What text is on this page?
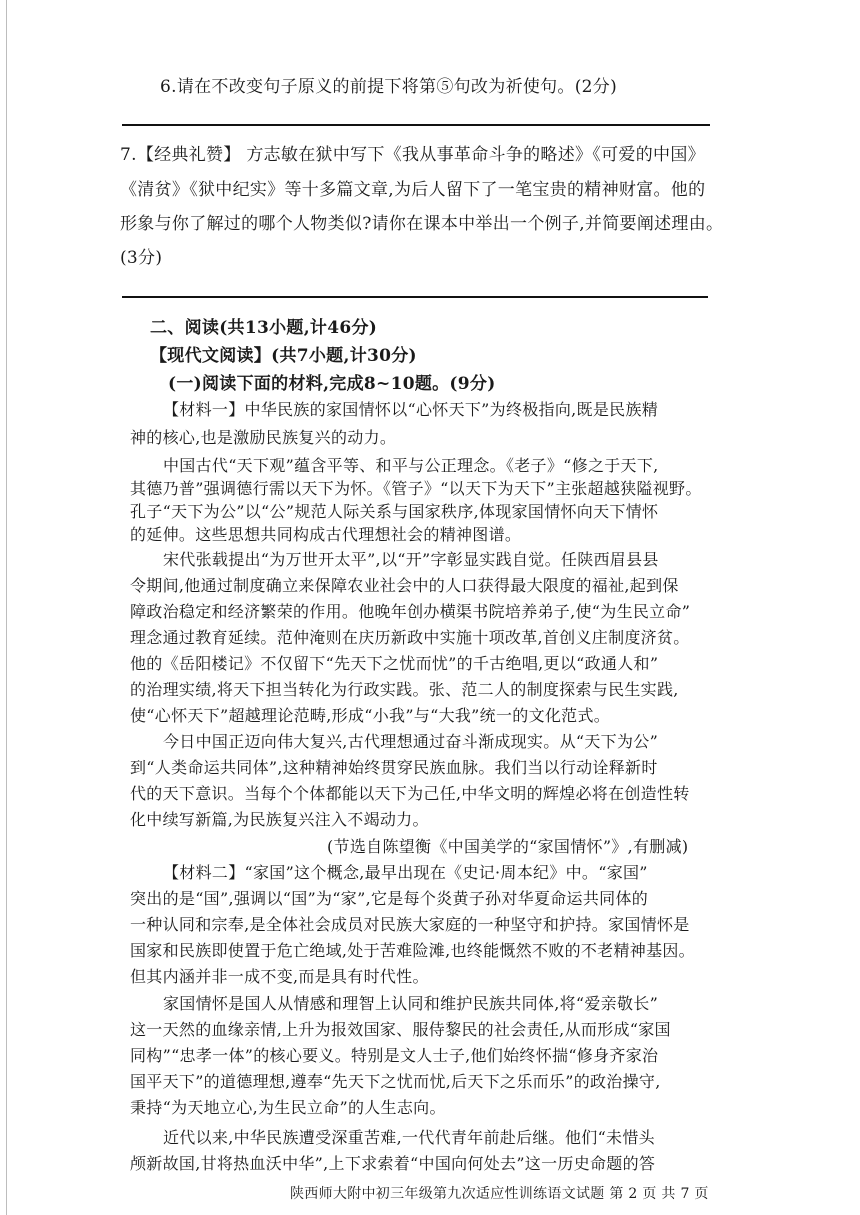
6.请在不改变句子原义的前提下将第⑤句改为祈使句。(2分)
7.【经典礼赞】 方志敏在狱中写下《我从事革命斗争的略述》《可爱的中国》
《清贫》《狱中纪实》等十多篇文章,为后人留下了一笔宝贵的精神财富。他的
形象与你了解过的哪个人物类似?请你在课本中举出一个例子,并简要阐述理由。
(3分)
二、阅读(共13小题,计46分)
【现代文阅读】(共7小题,计30分)
(一)阅读下面的材料,完成8~10题。(9分)
【材料一】中华民族的家国情怀以“心怀天下”为终极指向,既是民族精
神的核心,也是激励民族复兴的动力。
中国古代“天下观”蕴含平等、和平与公正理念。《老子》“修之于天下,
其德乃普”强调德行需以天下为怀。《管子》“以天下为天下”主张超越狭隘视野。
孔子“天下为公”以“公”规范人际关系与国家秩序,体现家国情怀向天下情怀
的延伸。这些思想共同构成古代理想社会的精神图谱。
宋代张载提出“为万世开太平”,以“开”字彰显实践自觉。任陕西眉县县
令期间,他通过制度确立来保障农业社会中的人口获得最大限度的福祉,起到保
障政治稳定和经济繁荣的作用。他晚年创办横渠书院培养弟子,使“为生民立命”
理念通过教育延续。范仲淹则在庆历新政中实施十项改革,首创义庄制度济贫。
他的《岳阳楼记》不仅留下“先天下之忧而忧”的千古绝唱,更以“政通人和”
的治理实绩,将天下担当转化为行政实践。张、范二人的制度探索与民生实践,
使“心怀天下”超越理论范畴,形成“小我”与“大我”统一的文化范式。
今日中国正迈向伟大复兴,古代理想通过奋斗渐成现实。从“天下为公”
到“人类命运共同体”,这种精神始终贯穿民族血脉。我们当以行动诠释新时
代的天下意识。当每个个体都能以天下为己任,中华文明的辉煌必将在创造性转
化中续写新篇,为民族复兴注入不竭动力。
(节选自陈望衡《中国美学的“家国情怀”》,有删减)
【材料二】“家国”这个概念,最早出现在《史记·周本纪》中。“家国”
突出的是“国”,强调以“国”为“家”,它是每个炎黄子孙对华夏命运共同体的
一种认同和宗奉,是全体社会成员对民族大家庭的一种坚守和护持。家国情怀是
国家和民族即使置于危亡绝域,处于苦难险滩,也终能慨然不败的不老精神基因。
但其内涵并非一成不变,而是具有时代性。
家国情怀是国人从情感和理智上认同和维护民族共同体,将“爱亲敬长”
这一天然的血缘亲情,上升为报效国家、服侍黎民的社会责任,从而形成“家国
同构”“忠孝一体”的核心要义。特别是文人士子,他们始终怀揣“修身齐家治
国平天下”的道德理想,遵奉“先天下之忧而忧,后天下之乐而乐”的政治操守,
秉持“为天地立心,为生民立命”的人生志向。
近代以来,中华民族遭受深重苦难,一代代青年前赴后继。他们“未惜头
颅新故国,甘将热血沃中华”,上下求索着“中国向何处去”这一历史命题的答
陕西师大附中初三年级第九次适应性训练语文试题 第 2 页 共 7 页
